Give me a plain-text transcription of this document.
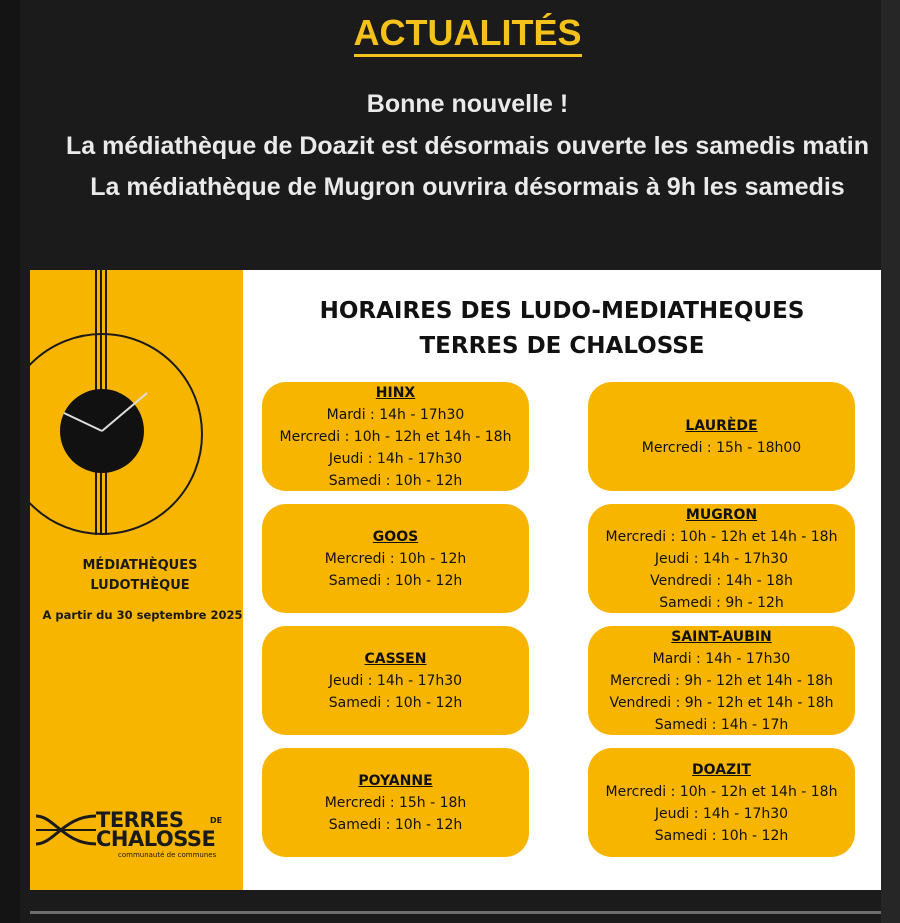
ACTUALITÉS
Bonne nouvelle !
La médiathèque de Doazit est désormais ouverte les samedis matin
La médiathèque de Mugron ouvrira désormais à 9h les samedis
MÉDIATHÈQUES
LUDOTHÈQUE
A partir du 30 septembre 2025
TERRES	DE
CHALOSSE
communauté de communes
HORAIRES DES LUDO-MEDIATHEQUES
TERRES DE CHALOSSE
HINX
Mardi : 14h - 17h30
Mercredi : 10h - 12h et 14h - 18h
Jeudi : 14h - 17h30
Samedi : 10h - 12h
LAURÈDE
Mercredi : 15h - 18h00
GOOS
Mercredi : 10h - 12h
Samedi : 10h - 12h
MUGRON
Mercredi : 10h - 12h et 14h - 18h
Jeudi : 14h - 17h30
Vendredi : 14h - 18h
Samedi : 9h - 12h
CASSEN
Jeudi : 14h - 17h30
Samedi : 10h - 12h
SAINT-AUBIN
Mardi : 14h - 17h30
Mercredi : 9h - 12h et 14h - 18h
Vendredi : 9h - 12h et 14h - 18h
Samedi : 14h - 17h
POYANNE
Mercredi : 15h - 18h
Samedi : 10h - 12h
DOAZIT
Mercredi : 10h - 12h et 14h - 18h
Jeudi : 14h - 17h30
Samedi : 10h - 12h
